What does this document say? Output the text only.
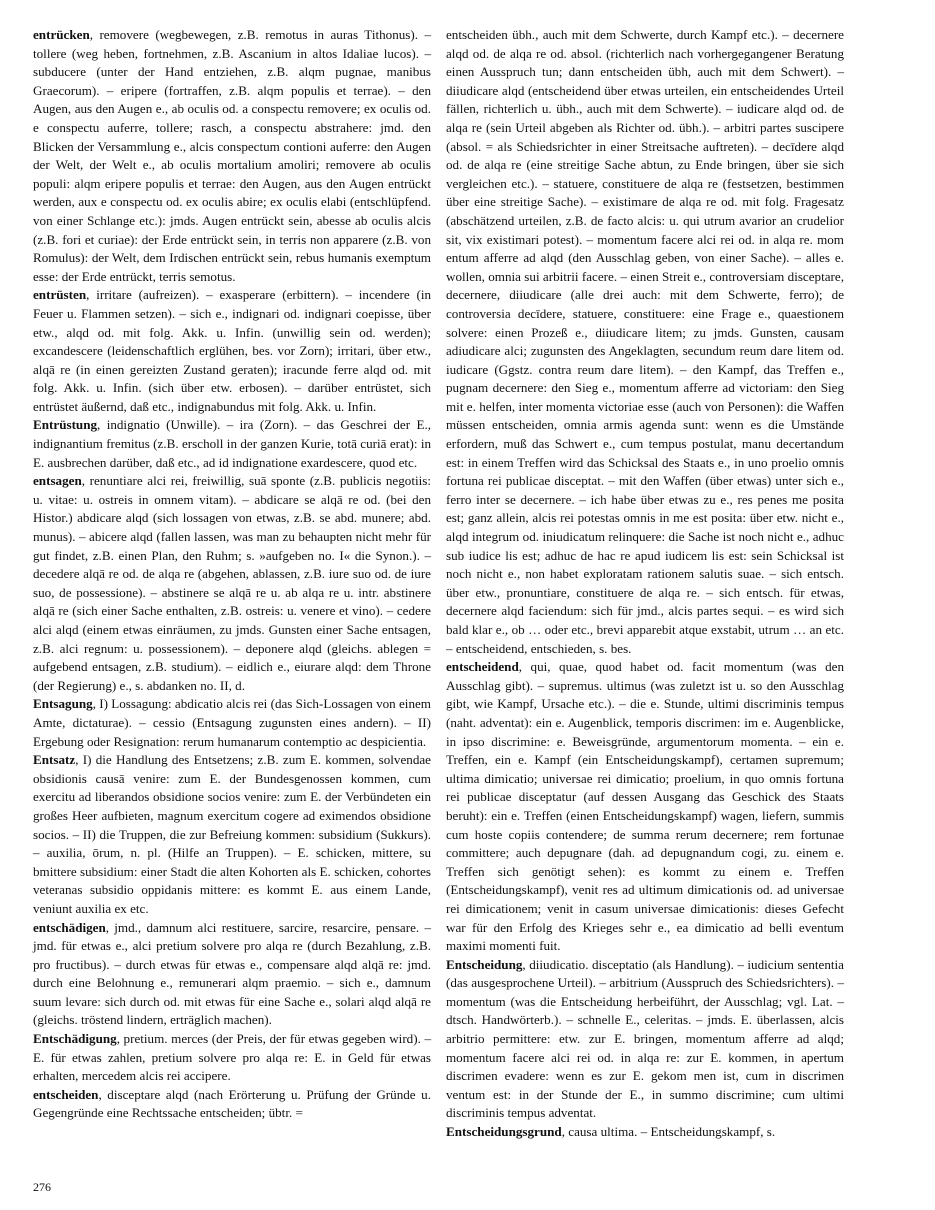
entrücken, removere (wegbewegen, z.B. remotus in auras Tithonus). – tollere (weg heben, fortnehmen, z.B. Ascanium in altos Idaliae lucos). – subducere (unter der Hand entziehen, z.B. alqm pugnae, manibus Graecorum). – eripere (fortraffen, z.B. alqm populis et terrae). – den Augen, aus den Augen e., ab oculis od. a conspectu removere; ex oculis od. e conspectu auferre, tollere; rasch, a conspectu abstrahere: jmd. den Blicken der Versammlung e., alcis conspectum contioni auferre: den Augen der Welt, der Welt e., ab oculis mortalium amoliri; removere ab oculis populi: alqm eripere populis et terrae: den Augen, aus den Augen entrückt werden, aux e conspectu od. ex oculis abire; ex oculis elabi (entschlüpfend. von einer Schlange etc.): jmds. Augen entrückt sein, abesse ab oculis alcis (z.B. fori et curiae): der Erde entrückt sein, in terris non apparere (z.B. von Romulus): der Welt, dem Irdischen entrückt sein, rebus humanis exemptum esse: der Erde entrückt, terris semotus.

entrüsten, irritare (aufreizen). – exasperare (erbittern). – incendere (in Feuer u. Flammen setzen). – sich e., indignari od. indignari coepisse, über etw., alqd od. mit folg. Akk. u. Infin. (unwillig sein od. werden); excandescere (leidenschaftlich erglühen, bes. vor Zorn); irritari, über etw., alqā re (in einen gereizten Zustand geraten); iracunde ferre alqd od. mit folg. Akk. u. Infin. (sich über etw. erbosen). – darüber entrüstet, sich entrüstet äußernd, daß etc., indignabundus mit folg. Akk. u. Infin.

Entrüstung, indignatio (Unwille). – ira (Zorn). – das Geschrei der E., indignantium fremitus (z.B. erscholl in der ganzen Kurie, totā curiā erat): in E. ausbrechen darüber, daß etc., ad id indignatione exardescere, quod etc.

entsagen, renuntiare alci rei, freiwillig, suā sponte (z.B. publicis negotiis: u. vitae: u. ostreis in omnem vitam). – abdicare se alqā re od. (bei den Histor.) abdicare alqd (sich lossagen von etwas, z.B. se abd. munere; abd. munus). – abicere alqd (fallen lassen, was man zu behaupten nicht mehr für gut findet, z.B. einen Plan, den Ruhm; s. »aufgeben no. I« die Synon.). – decedere alqā re od. de alqa re (abgehen, ablassen, z.B. iure suo od. de iure suo, de possessione). – abstinere se alqā re u. ab alqa re u. intr. abstinere alqā re (sich einer Sache enthalten, z.B. ostreis: u. venere et vino). – cedere alci alqd (einem etwas einräumen, zu jmds. Gunsten einer Sache entsagen, z.B. alci regnum: u. possessionem). – deponere alqd (gleichs. ablegen = aufgebend entsagen, z.B. studium). – eidlich e., eiurare alqd: dem Throne (der Regierung) e., s. abdanken no. II, d.

Entsagung, I) Lossagung: abdicatio alcis rei (das Sich-Lossagen von einem Amte, dictaturae). – cessio (Entsagung zugunsten eines andern). – II) Ergebung oder Resignation: rerum humanarum contemptio ac despicientia.

Entsatz, I) die Handlung des Entsetzens; z.B. zum E. kommen, solvendae obsidionis causā venire: zum E. der Bundesgenossen kommen, cum exercitu ad liberandos obsidione socios venire: zum E. der Verbündeten ein großes Heer aufbieten, magnum exercitum cogere ad eximendos obsidione socios. – II) die Truppen, die zur Befreiung kommen: subsidium (Sukkurs). – auxilia, ōrum, n. pl. (Hilfe an Truppen). – E. schicken, mittere, su bmittere subsidium: einer Stadt die alten Kohorten als E. schicken, cohortes veteranas subsidio oppidanis mittere: es kommt E. aus einem Lande, veniunt auxilia ex etc.

entschädigen, jmd., damnum alci restituere, sarcire, resarcire, pensare. – jmd. für etwas e., alci pretium solvere pro alqa re (durch Bezahlung, z.B. pro fructibus). – durch etwas für etwas e., compensare alqd alqā re: jmd. durch eine Belohnung e., remunerari alqm praemio. – sich e., damnum suum levare: sich durch od. mit etwas für eine Sache e., solari alqd alqā re (gleichs. tröstend lindern, erträglich machen).

Entschädigung, pretium. merces (der Preis, der für etwas gegeben wird). – E. für etwas zahlen, pretium solvere pro alqa re: E. in Geld für etwas erhalten, mercedem alcis rei accipere.

entscheiden, disceptare alqd (nach Erörterung u. Prüfung der Gründe u. Gegengründe eine Rechtssache entscheiden; übtr. =

entscheiden übh., auch mit dem Schwerte, durch Kampf etc.). – decernere alqd od. de alqa re od. absol. (richterlich nach vorhergegangener Beratung einen Ausspruch tun; dann entscheiden übh, auch mit dem Schwert). – diiudicare alqd (entscheidend über etwas urteilen, ein entscheidendes Urteil fällen, richterlich u. übh., auch mit dem Schwerte). – iudicare alqd od. de alqa re (sein Urteil abgeben als Richter od. übh.). – arbitri partes suscipere (absol. = als Schiedsrichter in einer Streitsache auftreten). – decīdere alqd od. de alqa re (eine streitige Sache abtun, zu Ende bringen, über sie sich vergleichen etc.). – statuere, constituere de alqa re (festsetzen, bestimmen über eine streitige Sache). – existimare de alqa re od. mit folg. Fragesatz (abschätzend urteilen, z.B. de facto alcis: u. qui utrum avarior an crudelior sit, vix existimari potest). – momentum facere alci rei od. in alqa re. mom entum afferre ad alqd (den Ausschlag geben, von einer Sache). – alles e. wollen, omnia sui arbitrii facere. – einen Streit e., controversiam disceptare, decernere, diiudicare (alle drei auch: mit dem Schwerte, ferro); de controversia decīdere, statuere, constituere: eine Frage e., quaestionem solvere: einen Prozeß e., diiudicare litem; zu jmds. Gunsten, causam adiudicare alci; zugunsten des Angeklagten, secundum reum dare litem od. iudicare (Ggstz. contra reum dare litem). – den Kampf, das Treffen e., pugnam decernere: den Sieg e., momentum afferre ad victoriam: den Sieg mit e. helfen, inter momenta victoriae esse (auch von Personen): die Waffen müssen entscheiden, omnia armis agenda sunt: wenn es die Umstände erfordern, muß das Schwert e., cum tempus postulat, manu decertandum est: in einem Treffen wird das Schicksal des Staats e., in uno proelio omnis fortuna rei publicae disceptat. – mit den Waffen (über etwas) unter sich e., ferro inter se decernere. – ich habe über etwas zu e., res penes me posita est; ganz allein, alcis rei potestas omnis in me est posita: über etw. nicht e., alqd integrum od. iniudicatum relinquere: die Sache ist noch nicht e., adhuc sub iudice lis est; adhuc de hac re apud iudicem lis est: sein Schicksal ist noch nicht e., non habet exploratam rationem salutis suae. – sich entsch. über etw., pronuntiare, constituere de alqa re. – sich entsch. für etwas, decernere alqd faciendum: sich für jmd., alcis partes sequi. – es wird sich bald klar e., ob … oder etc., brevi apparebit atque exstabit, utrum … an etc. – entscheidend, entschieden, s. bes.

entscheidend, qui, quae, quod habet od. facit momentum (was den Ausschlag gibt). – supremus. ultimus (was zuletzt ist u. so den Ausschlag gibt, wie Kampf, Ursache etc.). – die e. Stunde, ultimi discriminis tempus (naht. adventat): ein e. Augenblick, temporis discrimen: im e. Augenblicke, in ipso discrimine: e. Beweisgründe, argumentorum momenta. – ein e. Treffen, ein e. Kampf (ein Entscheidungskampf), certamen supremum; ultima dimicatio; universae rei dimicatio; proelium, in quo omnis fortuna rei publicae disceptatur (auf dessen Ausgang das Geschick des Staats beruht): ein e. Treffen (einen Entscheidungskampf) wagen, liefern, summis cum hoste copiis contendere; de summa rerum decernere; rem fortunae committere; auch depugnare (dah. ad depugnandum cogi, zu. einem e. Treffen sich genötigt sehen): es kommt zu einem e. Treffen (Entscheidungskampf), venit res ad ultimum dimicationis od. ad universae rei dimicationem; venit in casum universae dimicationis: dieses Gefecht war für den Erfolg des Krieges sehr e., ea dimicatio ad belli eventum maximi momenti fuit.

Entscheidung, diiudicatio. disceptatio (als Handlung). – iudicium sententia (das ausgesprochene Urteil). – arbitrium (Ausspruch des Schiedsrichters). – momentum (was die Entscheidung herbeiführt, der Ausschlag; vgl. Lat. – dtsch. Handwörterb.). – schnelle E., celeritas. – jmds. E. überlassen, alcis arbitrio permittere: etw. zur E. bringen, momentum afferre ad alqd; momentum facere alci rei od. in alqa re: zur E. kommen, in apertum discrimen evadere: wenn es zur E. gekom men ist, cum in discrimen ventum est: in der Stunde der E., in summo discrimine; cum ultimi discriminis tempus adventat.

Entscheidungsgrund, causa ultima. – Entscheidungskampf, s.

276
